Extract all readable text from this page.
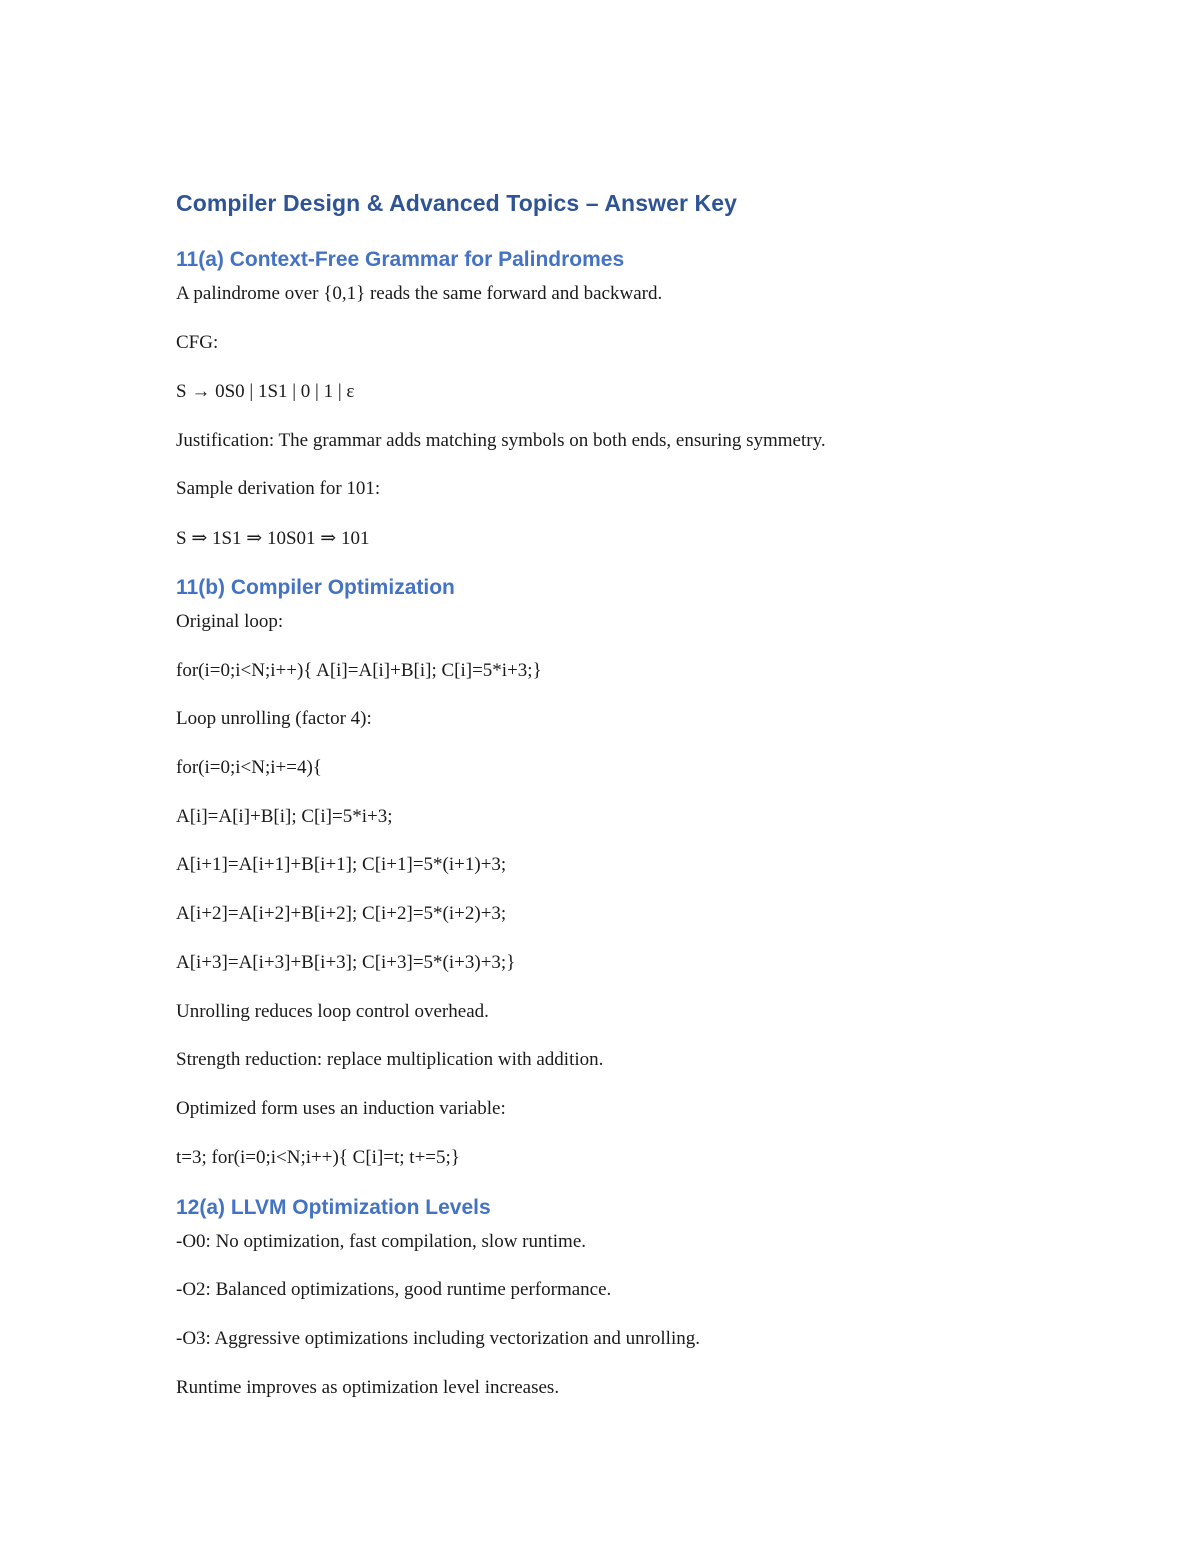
Compiler Design & Advanced Topics – Answer Key
11(a) Context-Free Grammar for Palindromes
A palindrome over {0,1} reads the same forward and backward.
CFG:
S → 0S0 | 1S1 | 0 | 1 | ε
Justification: The grammar adds matching symbols on both ends, ensuring symmetry.
Sample derivation for 101:
S ⇒ 1S1 ⇒ 10S01 ⇒ 101
11(b) Compiler Optimization
Original loop:
for(i=0;i<N;i++){ A[i]=A[i]+B[i]; C[i]=5*i+3;}
Loop unrolling (factor 4):
for(i=0;i<N;i+=4){
A[i]=A[i]+B[i]; C[i]=5*i+3;
A[i+1]=A[i+1]+B[i+1]; C[i+1]=5*(i+1)+3;
A[i+2]=A[i+2]+B[i+2]; C[i+2]=5*(i+2)+3;
A[i+3]=A[i+3]+B[i+3]; C[i+3]=5*(i+3)+3;}
Unrolling reduces loop control overhead.
Strength reduction: replace multiplication with addition.
Optimized form uses an induction variable:
t=3; for(i=0;i<N;i++){ C[i]=t; t+=5;}
12(a) LLVM Optimization Levels
-O0: No optimization, fast compilation, slow runtime.
-O2: Balanced optimizations, good runtime performance.
-O3: Aggressive optimizations including vectorization and unrolling.
Runtime improves as optimization level increases.
